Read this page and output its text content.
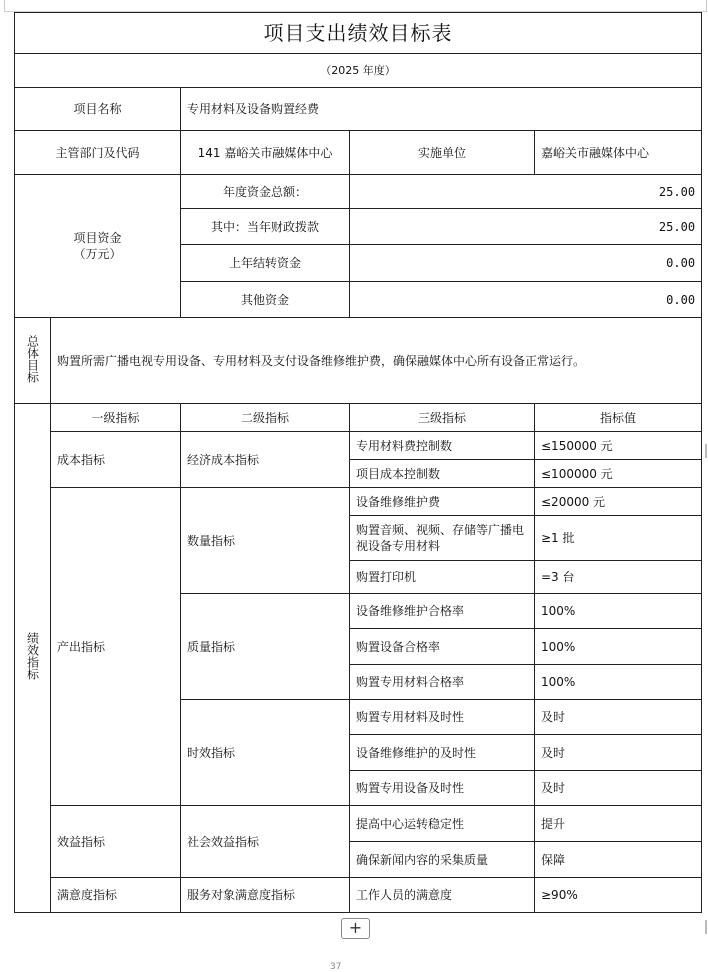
项目支出绩效目标表				
（2025 年度）				
项目名称		专用材料及设备购置经费		
主管部门及代码		141 嘉峪关市融媒体中心	实施单位	嘉峪关市融媒体中心

项目资金
（万元）		年度资金总额：	25.00	
		其中：当年财政拨款	25.00	
		上年结转资金	0.00	
		其他资金	0.00	
总体目标	购置所需广播电视专用设备、专用材料及支付设备维修维护费，确保融媒体中心所有设备正常运行。			
绩效指标	一级指标	二级指标	三级指标	指标值
	成本指标	经济成本指标	专用材料费控制数	≤150000 元
			项目成本控制数	≤100000 元
	产出指标	数量指标	设备维修维护费	≤20000 元
			购置音频、视频、存储等广播电视设备专用材料	≥1 批
			购置打印机	=3 台
		质量指标	设备维修维护合格率	100%
			购置设备合格率	100%
			购置专用材料合格率	100%
		时效指标	购置专用材料及时性	及时
			设备维修维护的及时性	及时
			购置专用设备及时性	及时
	效益指标	社会效益指标	提高中心运转稳定性	提升
			确保新闻内容的采集质量	保障
	满意度指标	服务对象满意度指标	工作人员的满意度	≥90%
+
37
